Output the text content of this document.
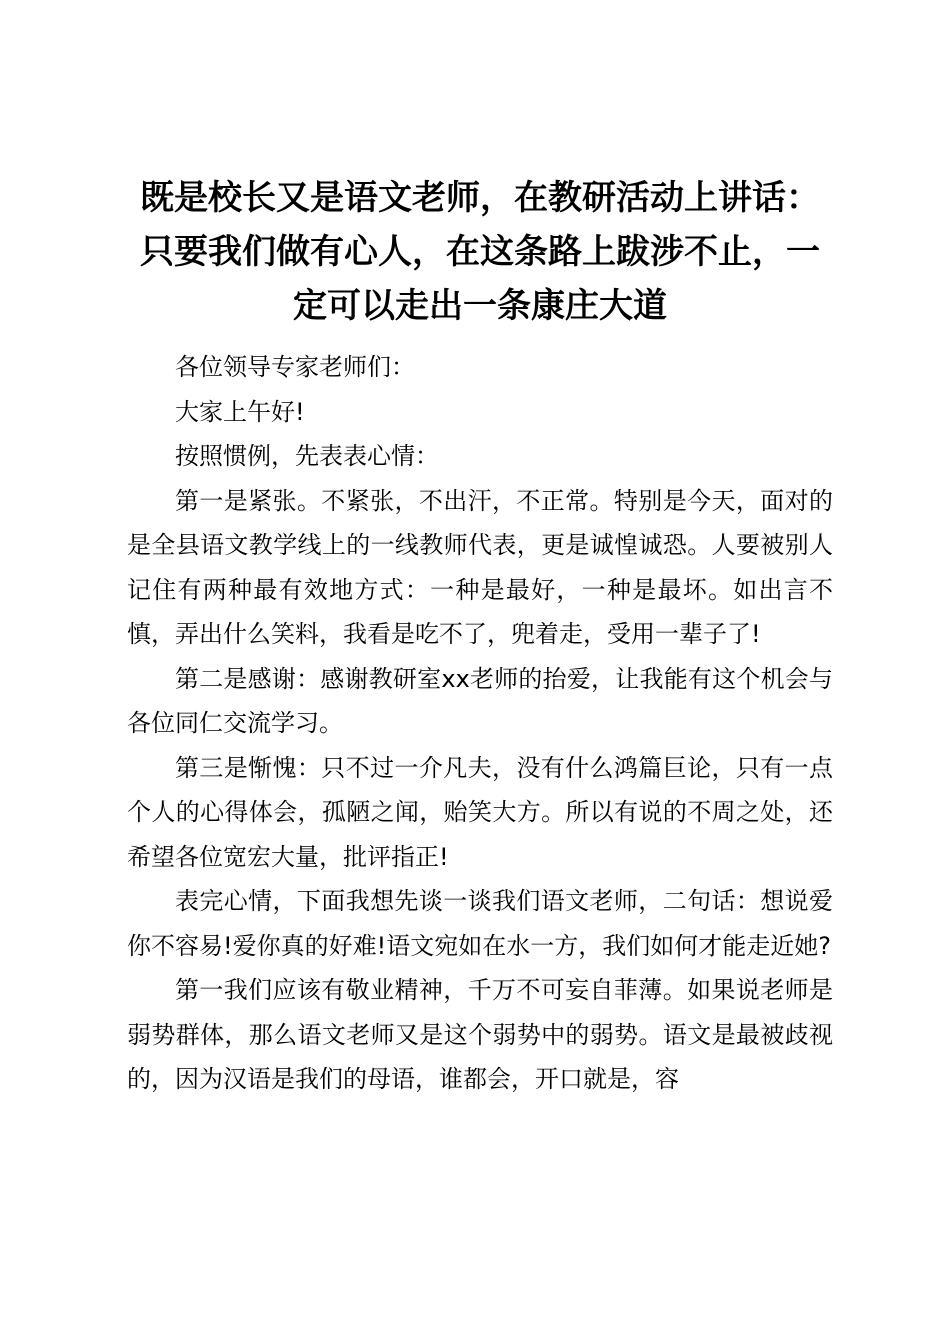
既是校长又是语文老师，在教研活动上讲话：
只要我们做有心人，在这条路上跋涉不止，一
定可以走出一条康庄大道

各位领导专家老师们：

大家上午好!

按照惯例，先表表心情：

第一是紧张。不紧张，不出汗，不正常。特别是今天，面对的是全县语文教学线上的一线教师代表，更是诚惶诚恐。人要被别人记住有两种最有效地方式：一种是最好，一种是最坏。如出言不慎，弄出什么笑料，我看是吃不了，兜着走，受用一辈子了!

第二是感谢：感谢教研室xx老师的抬爱，让我能有这个机会与各位同仁交流学习。

第三是惭愧：只不过一介凡夫，没有什么鸿篇巨论，只有一点个人的心得体会，孤陋之闻，贻笑大方。所以有说的不周之处，还希望各位宽宏大量，批评指正!

表完心情，下面我想先谈一谈我们语文老师，二句话：想说爱你不容易!爱你真的好难!语文宛如在水一方，我们如何才能走近她?

第一我们应该有敬业精神，千万不可妄自菲薄。如果说老师是弱势群体，那么语文老师又是这个弱势中的弱势。语文是最被歧视的，因为汉语是我们的母语，谁都会，开口就是，容
